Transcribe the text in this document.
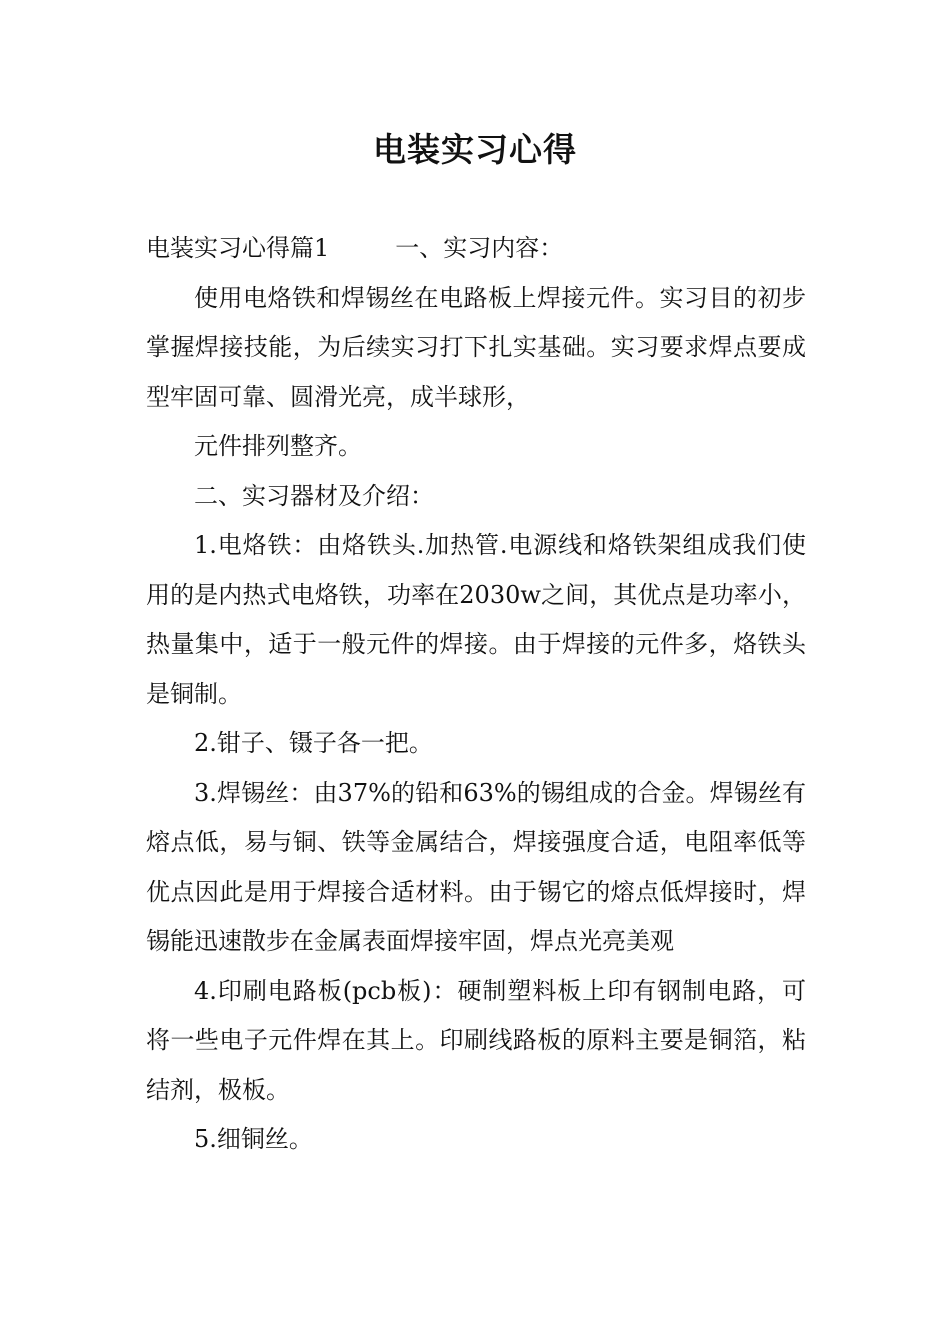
电装实习心得

电装实习心得篇1	一、实习内容：

使用电烙铁和焊锡丝在电路板上焊接元件。实习目的初步掌握焊接技能，为后续实习打下扎实基础。实习要求焊点要成型牢固可靠、圆滑光亮，成半球形，

元件排列整齐。

二、实习器材及介绍：

1.电烙铁：由烙铁头.加热管.电源线和烙铁架组成我们使用的是内热式电烙铁，功率在2030w之间，其优点是功率小，热量集中，适于一般元件的焊接。由于焊接的元件多，烙铁头是铜制。

2.钳子、镊子各一把。

3.焊锡丝：由37%的铅和63%的锡组成的合金。焊锡丝有熔点低，易与铜、铁等金属结合，焊接强度合适，电阻率低等优点因此是用于焊接合适材料。由于锡它的熔点低焊接时，焊锡能迅速散步在金属表面焊接牢固，焊点光亮美观

4.印刷电路板(pcb板)：硬制塑料板上印有钢制电路，可将一些电子元件焊在其上。印刷线路板的原料主要是铜箔，粘结剂，极板。

5.细铜丝。
